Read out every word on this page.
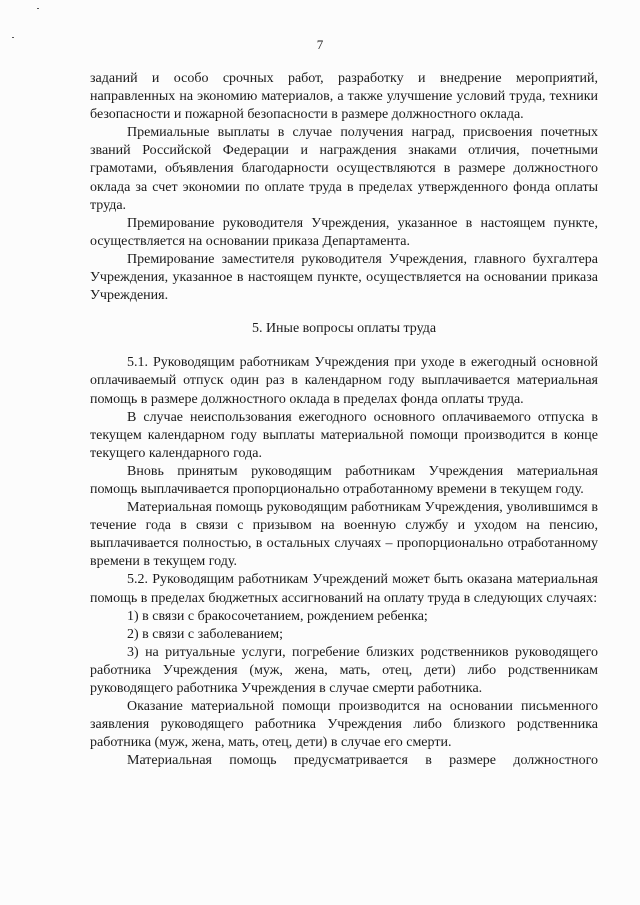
7

заданий и особо срочных работ, разработку и внедрение мероприятий, направленных на экономию материалов, а также улучшение условий труда, техники безопасности и пожарной безопасности в размере должностного оклада.

Премиальные выплаты в случае получения наград, присвоения почетных званий Российской Федерации и награждения знаками отличия, почетными грамотами, объявления благодарности осуществляются в размере должностного оклада за счет экономии по оплате труда в пределах утвержденного фонда оплаты труда.

Премирование руководителя Учреждения, указанное в настоящем пункте, осуществляется на основании приказа Департамента.

Премирование заместителя руководителя Учреждения, главного бухгалтера Учреждения, указанное в настоящем пункте, осуществляется на основании приказа Учреждения.

5. Иные вопросы оплаты труда

5.1. Руководящим работникам Учреждения при уходе в ежегодный основной оплачиваемый отпуск один раз в календарном году выплачивается материальная помощь в размере должностного оклада в пределах фонда оплаты труда.

В случае неиспользования ежегодного основного оплачиваемого отпуска в текущем календарном году выплаты материальной помощи производится в конце текущего календарного года.

Вновь принятым руководящим работникам Учреждения материальная помощь выплачивается пропорционально отработанному времени в текущем году.

Материальная помощь руководящим работникам Учреждения, уволившимся в течение года в связи с призывом на военную службу и уходом на пенсию, выплачивается полностью, в остальных случаях – пропорционально отработанному времени в текущем году.

5.2. Руководящим работникам Учреждений может быть оказана материальная помощь в пределах бюджетных ассигнований на оплату труда в следующих случаях:

1) в связи с бракосочетанием, рождением ребенка;

2) в связи с заболеванием;

3) на ритуальные услуги, погребение близких родственников руководящего работника Учреждения (муж, жена, мать, отец, дети) либо родственникам руководящего работника Учреждения в случае смерти работника.

Оказание материальной помощи производится на основании письменного заявления руководящего работника Учреждения либо близкого родственника работника (муж, жена, мать, отец, дети) в случае его смерти.

Материальная помощь предусматривается в размере должностного
